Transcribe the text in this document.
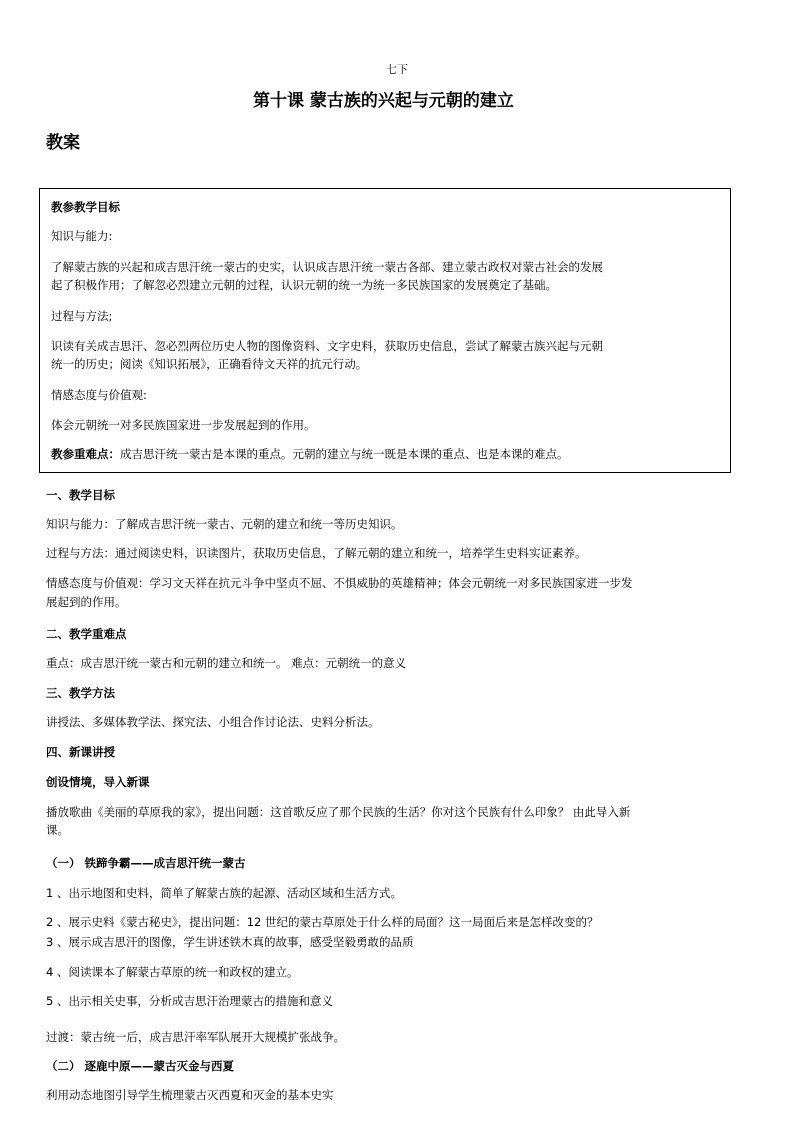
七下
第十课 蒙古族的兴起与元朝的建立
教案
教参教学目标
知识与能力:
了解蒙古族的兴起和成吉思汗统一蒙古的史实，认识成吉思汗统一蒙古各部、建立蒙古政权对蒙古社会的发展
起了积极作用；了解忽必烈建立元朝的过程，认识元朝的统一为统一多民族国家的发展奠定了基础。
过程与方法;
识读有关成吉思汗、忽必烈两位历史人物的图像资料、文字史料，获取历史信息，尝试了解蒙古族兴起与元朝
统一的历史；阅读《知识拓展》，正确看待文天祥的抗元行动。
情感态度与价值观:
体会元朝统一对多民族国家进一步发展起到的作用。
教参重难点：成吉思汗统一蒙古是本课的重点。元朝的建立与统一既是本课的重点、也是本课的难点。
一、教学目标
知识与能力：了解成吉思汗统一蒙古、元朝的建立和统一等历史知识。
过程与方法：通过阅读史料，识读图片，获取历史信息，了解元朝的建立和统一，培养学生史料实证素养。
情感态度与价值观：学习文天祥在抗元斗争中坚贞不屈、不惧威胁的英雄精神；体会元朝统一对多民族国家进一步发
展起到的作用。
二、教学重难点
重点：成吉思汗统一蒙古和元朝的建立和统一。 难点：元朝统一的意义
三、教学方法
讲授法、多媒体教学法、探究法、小组合作讨论法、史料分析法。
四、新课讲授
创设情境，导入新课
播放歌曲《美丽的草原我的家》，提出问题：这首歌反应了那个民族的生活？你对这个民族有什么印象？ 由此导入新
课。
（一） 铁蹄争霸——成吉思汗统一蒙古
1 、出示地图和史料，简单了解蒙古族的起源、活动区域和生活方式。
2 、展示史料《蒙古秘史》，提出问题：12 世纪的蒙古草原处于什么样的局面？这一局面后来是怎样改变的？
3 、展示成吉思汗的图像，学生讲述铁木真的故事，感受坚毅勇敢的品质
4 、阅读课本了解蒙古草原的统一和政权的建立。
5 、出示相关史事，分析成吉思汗治理蒙古的措施和意义
过渡：蒙古统一后，成吉思汗率军队展开大规模扩张战争。
（二） 逐鹿中原——蒙古灭金与西夏
利用动态地图引导学生梳理蒙古灭西夏和灭金的基本史实
